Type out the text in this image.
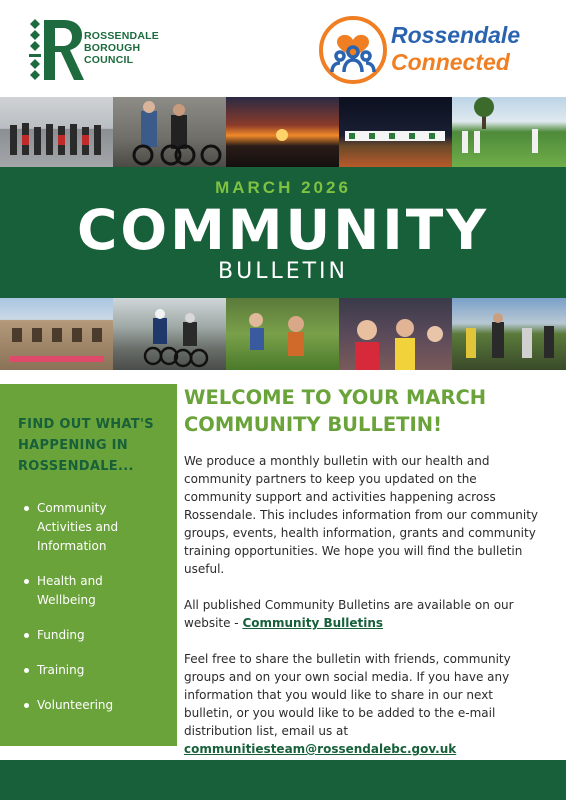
ROSSENDALE
BOROUGH
COUNCIL
Rossendale
Connected
MARCH 2026
COMMUNITY
BULLETIN
FIND OUT WHAT'S HAPPENING IN ROSSENDALE...
Community Activities and Information
Health and Wellbeing
Funding
Training
Volunteering
WELCOME TO YOUR MARCH COMMUNITY BULLETIN!

We produce a monthly bulletin with our health and community partners to keep you updated on the community support and activities happening across Rossendale. This includes information from our community groups, events, health information, grants and community training opportunities. We hope you will find the bulletin useful.

All published Community Bulletins are available on our website - Community Bulletins

Feel free to share the bulletin with friends, community groups and on your own social media. If you have any information that you would like to share in our next bulletin, or you would like to be added to the e-mail distribution list, email us at communitiesteam@rossendalebc.gov.uk
